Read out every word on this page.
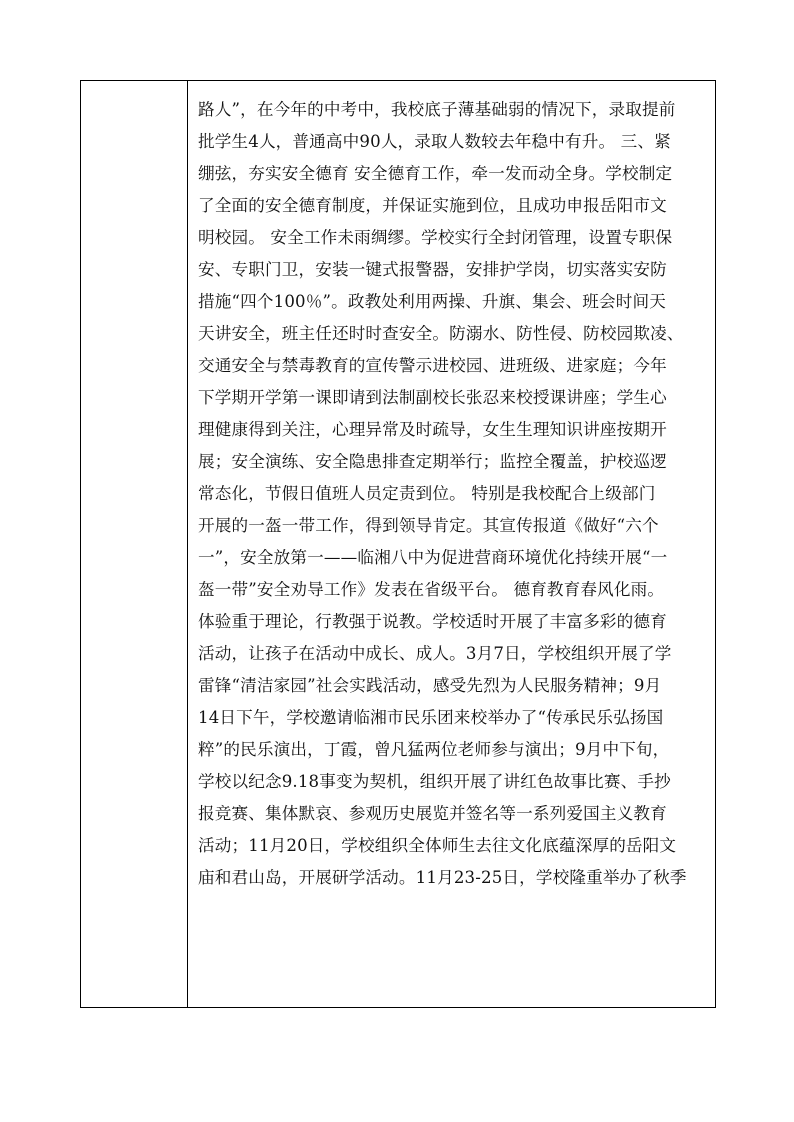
路人”，在今年的中考中，我校底子薄基础弱的情况下，录取提前
批学生4人，普通高中90人，录取人数较去年稳中有升。 三、紧
绷弦，夯实安全德育 安全德育工作，牵一发而动全身。学校制定
了全面的安全德育制度，并保证实施到位，且成功申报岳阳市文
明校园。 安全工作未雨绸缪。学校实行全封闭管理，设置专职保
安、专职门卫，安装一键式报警器，安排护学岗，切实落实安防
措施“四个100％”。政教处利用两操、升旗、集会、班会时间天
天讲安全，班主任还时时查安全。防溺水、防性侵、防校园欺凌、
交通安全与禁毒教育的宣传警示进校园、进班级、进家庭；今年
下学期开学第一课即请到法制副校长张忍来校授课讲座；学生心
理健康得到关注，心理异常及时疏导，女生生理知识讲座按期开
展；安全演练、安全隐患排查定期举行；监控全覆盖，护校巡逻
常态化，节假日值班人员定责到位。 特别是我校配合上级部门
开展的一盔一带工作，得到领导肯定。其宣传报道《做好“六个
一”，安全放第一——临湘八中为促进营商环境优化持续开展“一
盔一带”安全劝导工作》发表在省级平台。 德育教育春风化雨。
体验重于理论，行教强于说教。学校适时开展了丰富多彩的德育
活动，让孩子在活动中成长、成人。3月7日，学校组织开展了学
雷锋“清洁家园”社会实践活动，感受先烈为人民服务精神；9月
14日下午，学校邀请临湘市民乐团来校举办了“传承民乐弘扬国
粹”的民乐演出，丁霞，曾凡猛两位老师参与演出；9月中下旬，
学校以纪念9.18事变为契机，组织开展了讲红色故事比赛、手抄
报竞赛、集体默哀、参观历史展览并签名等一系列爱国主义教育
活动；11月20日，学校组织全体师生去往文化底蕴深厚的岳阳文
庙和君山岛，开展研学活动。11月23-25日，学校隆重举办了秋季
